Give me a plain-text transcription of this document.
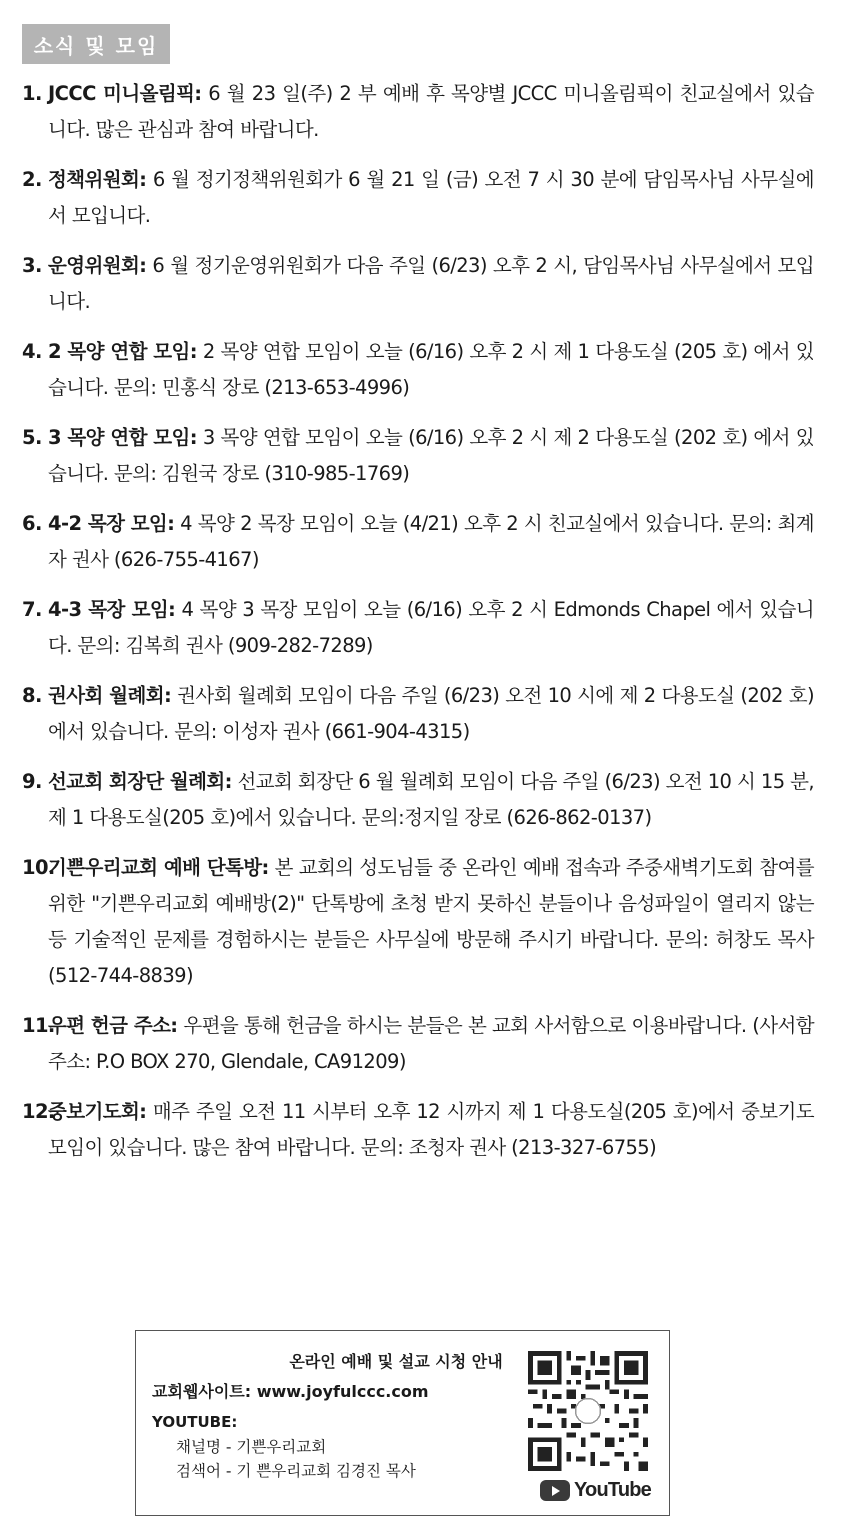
소식 및 모임
1. JCCC 미니올림픽: 6 월 23 일(주) 2 부 예배 후 목양별 JCCC 미니올림픽이 친교실에서 있습니다. 많은 관심과 참여 바랍니다.
2. 정책위원회: 6 월 정기정책위원회가 6 월 21 일 (금) 오전 7 시 30 분에 담임목사님 사무실에서 모입니다.
3. 운영위원회: 6 월 정기운영위원회가 다음 주일 (6/23) 오후 2 시, 담임목사님 사무실에서 모입니다.
4. 2 목양 연합 모임: 2 목양 연합 모임이 오늘 (6/16) 오후 2 시 제 1 다용도실 (205 호) 에서 있습니다. 문의: 민홍식 장로 (213-653-4996)
5. 3 목양 연합 모임: 3 목양 연합 모임이 오늘 (6/16) 오후 2 시 제 2 다용도실 (202 호) 에서 있습니다. 문의: 김원국 장로 (310-985-1769)
6. 4-2 목장 모임: 4 목양 2 목장 모임이 오늘 (4/21) 오후 2 시 친교실에서 있습니다. 문의: 최계자 권사 (626-755-4167)
7. 4-3 목장 모임: 4 목양 3 목장 모임이 오늘 (6/16) 오후 2 시 Edmonds Chapel 에서 있습니다. 문의: 김복희 권사 (909-282-7289)
8. 권사회 월례회: 권사회 월례회 모임이 다음 주일 (6/23) 오전 10 시에 제 2 다용도실 (202 호)에서 있습니다. 문의: 이성자 권사 (661-904-4315)
9. 선교회 회장단 월례회: 선교회 회장단 6 월 월례회 모임이 다음 주일 (6/23) 오전 10 시 15 분, 제 1 다용도실(205 호)에서 있습니다. 문의:정지일 장로 (626-862-0137)
10.
기쁜우리교회 예배 단톡방: 본 교회의 성도님들 중 온라인 예배 접속과 주중새벽기도회 참여를 위한 "기쁜우리교회 예배방(2)" 단톡방에 초청 받지 못하신 분들이나 음성파일이 열리지 않는 등 기술적인 문제를 경험하시는 분들은 사무실에 방문해 주시기 바랍니다. 문의: 허창도 목사 (512-744-8839)
11.
우편 헌금 주소: 우편을 통해 헌금을 하시는 분들은 본 교회 사서함으로 이용바랍니다. (사서함 주소: P.O BOX 270, Glendale, CA91209)
12.
중보기도회: 매주 주일 오전 11 시부터 오후 12 시까지 제 1 다용도실(205 호)에서 중보기도모임이 있습니다. 많은 참여 바랍니다. 문의: 조청자 권사 (213-327-6755)
온라인 예배 및 설교 시청 안내
교회웹사이트: www.joyfulccc.com
YOUTUBE:
채널명 - 기쁜우리교회
검색어 - 기 쁜우리교회 김경진 목사
YouTube
